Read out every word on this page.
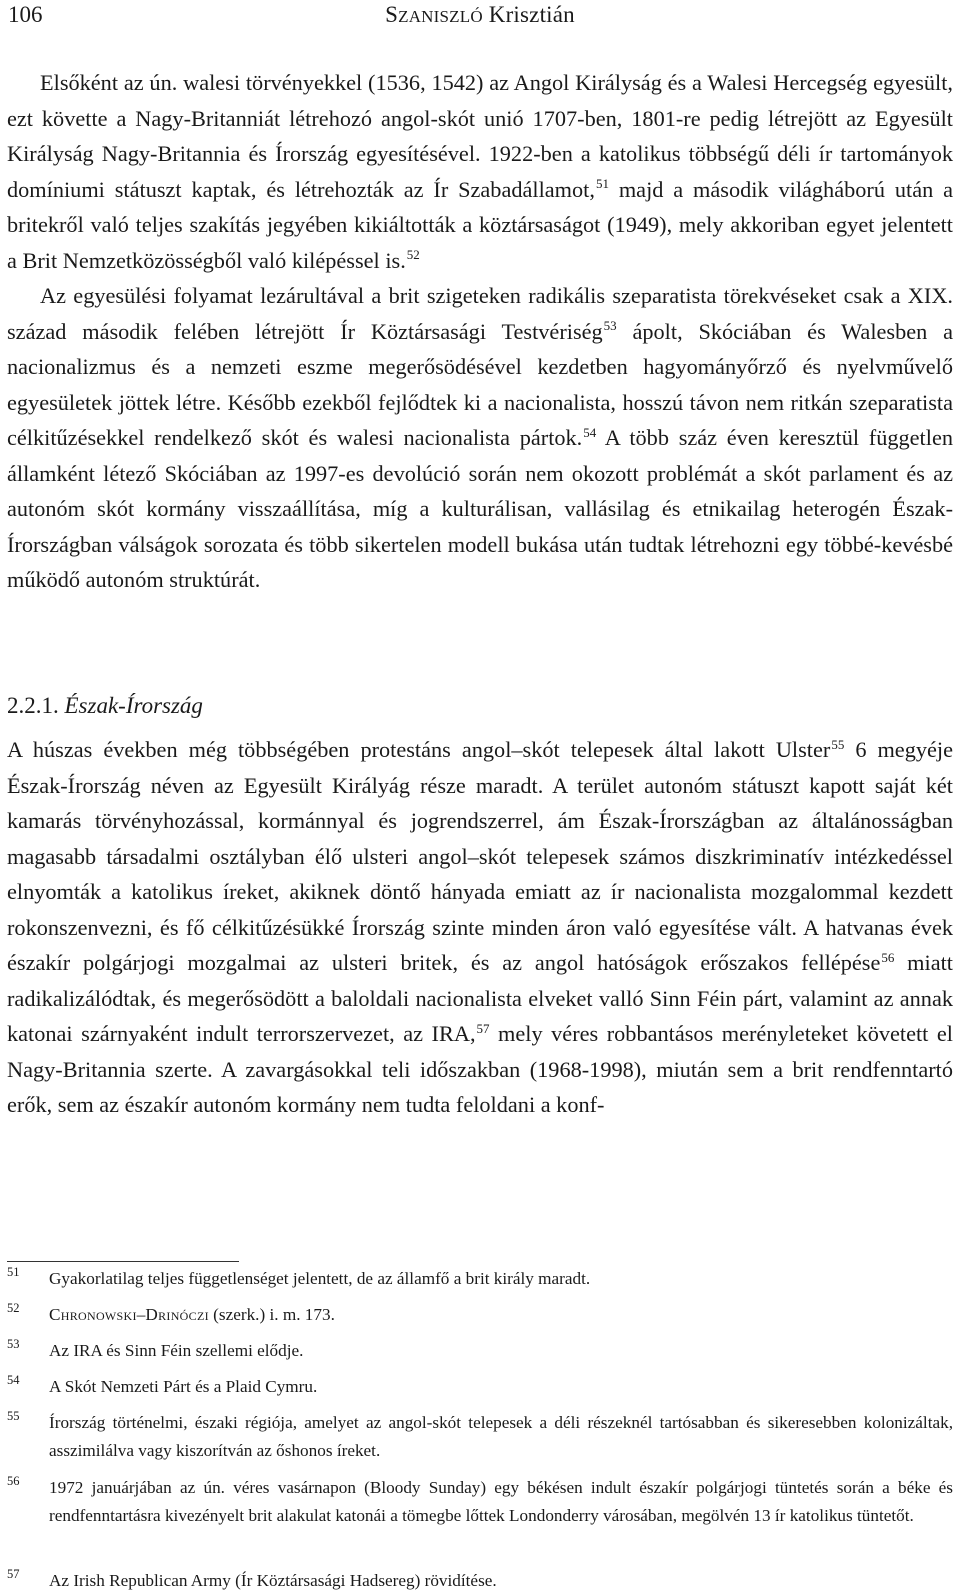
106	SZANISZLÓ Krisztián

Elsőként az ún. walesi törvényekkel (1536, 1542) az Angol Királyság és a Walesi Hercegség egyesült, ezt követte a Nagy-Britanniát létrehozó angol-skót unió 1707-ben, 1801-re pedig létrejött az Egyesült Királyság Nagy-Britannia és Írország egyesítésével. 1922-ben a katolikus többségű déli ír tartományok domíniumi státuszt kaptak, és létrehozták az Ír Szabadállamot,$^{51}$ majd a második világháború után a britekről való teljes szakítás jegyében kikiáltották a köztársaságot (1949), mely akkoriban egyet jelentett a Brit Nemzetközösségből való kilépéssel is.$^{52}$

Az egyesülési folyamat lezárultával a brit szigeteken radikális szeparatista törekvéseket csak a XIX. század második felében létrejött Ír Köztársasági Testvériség$^{53}$ ápolt, Skóciában és Walesben a nacionalizmus és a nemzeti eszme megerősödésével kezdetben hagyományőrző és nyelvművelő egyesületek jöttek létre. Később ezekből fejlődtek ki a nacionalista, hosszú távon nem ritkán szeparatista célkitűzésekkel rendelkező skót és walesi nacionalista pártok.$^{54}$ A több száz éven keresztül független államként létező Skóciában az 1997-es devolúció során nem okozott problémát a skót parlament és az autonóm skót kormány visszaállítása, míg a kulturálisan, vallásilag és etnikailag heterogén Észak-Írországban válságok sorozata és több sikertelen modell bukása után tudtak létrehozni egy többé-kevésbé működő autonóm struktúrát.

2.2.1. Észak-Írország

A húszas években még többségében protestáns angol–skót telepesek által lakott Ulster$^{55}$ 6 megyéje Észak-Írország néven az Egyesült Királyág része maradt. A terület autonóm státuszt kapott saját két kamarás törvényhozással, kormánnyal és jogrendszerrel, ám Észak-Írországban az általánosságban magasabb társadalmi osztályban élő ulsteri angol–skót telepesek számos diszkriminatív intézkedéssel elnyomták a katolikus íreket, akiknek döntő hányada emiatt az ír nacionalista mozgalommal kezdett rokonszenvezni, és fő célkitűzésükké Írország szinte minden áron való egyesítése vált. A hatvanas évek északír polgárjogi mozgalmai az ulsteri britek, és az angol hatóságok erőszakos fellépése$^{56}$ miatt radikalizálódtak, és megerősödött a baloldali nacionalista elveket valló Sinn Féin párt, valamint az annak katonai szárnyaként indult terrorszervezet, az IRA,$^{57}$ mely véres robbantásos merényleteket követett el Nagy-Britannia szerte. A zavargásokkal teli időszakban (1968-1998), miután sem a brit rendfenntartó erők, sem az északír autonóm kormány nem tudta feloldani a konf-

51 Gyakorlatilag teljes függetlenséget jelentett, de az államfő a brit király maradt.
52 Chronowski–Drinóczi (szerk.) i. m. 173.
53 Az IRA és Sinn Féin szellemi elődje.
54 A Skót Nemzeti Párt és a Plaid Cymru.
55 Írország történelmi, északi régiója, amelyet az angol-skót telepesek a déli részeknél tartósabban és sikeresebben kolonizáltak, asszimilálva vagy kiszorítván az őshonos íreket.
56 1972 januárjában az ún. véres vasárnapon (Bloody Sunday) egy békésen indult északír polgárjogi tüntetés során a béke és rendfenntartásra kivezényelt brit alakulat katonái a tömegbe lőttek Londonderry városában, megölvén 13 ír katolikus tüntetőt.
57 Az Irish Republican Army (Ír Köztársasági Hadsereg) rövidítése.
